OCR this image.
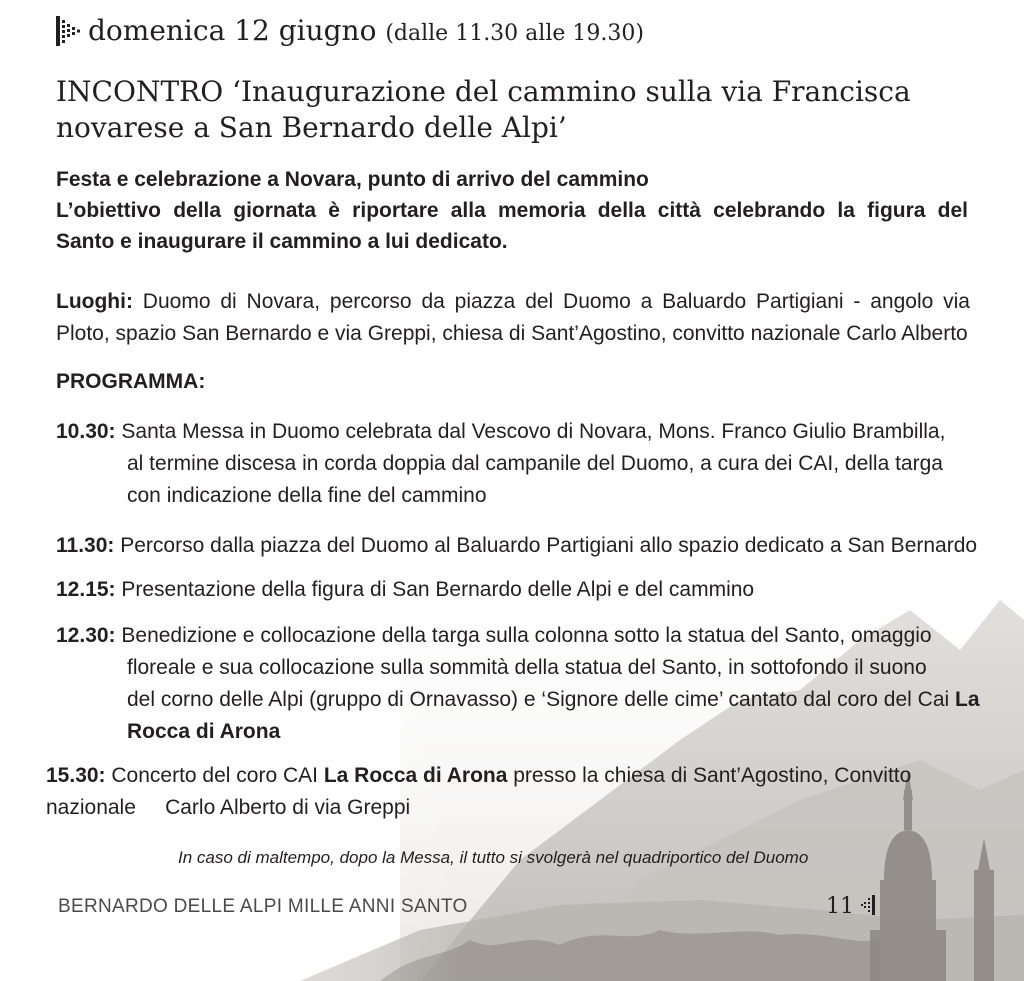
domenica 12 giugno (dalle 11.30 alle 19.30)
INCONTRO ‘Inaugurazione del cammino sulla via Francisca
novarese a San Bernardo delle Alpi’
Festa e celebrazione a Novara, punto di arrivo del cammino
L’obiettivo della giornata è riportare alla memoria della città celebrando la figura del
Santo e inaugurare il cammino a lui dedicato.
Luoghi: Duomo di Novara, percorso da piazza del Duomo a Baluardo Partigiani - angolo via
Ploto, spazio San Bernardo e via Greppi, chiesa di Sant’Agostino, convitto nazionale Carlo Alberto
PROGRAMMA:
10.30: Santa Messa in Duomo celebrata dal Vescovo di Novara, Mons. Franco Giulio Brambilla,
al termine discesa in corda doppia dal campanile del Duomo, a cura dei CAI, della targa
con indicazione della fine del cammino
11.30: Percorso dalla piazza del Duomo al Baluardo Partigiani allo spazio dedicato a San Bernardo
12.15: Presentazione della figura di San Bernardo delle Alpi e del cammino
12.30: Benedizione e collocazione della targa sulla colonna sotto la statua del Santo, omaggio
floreale e sua collocazione sulla sommità della statua del Santo, in sottofondo il suono
del corno delle Alpi (gruppo di Ornavasso) e ‘Signore delle cime’ cantato dal coro del Cai La
Rocca di Arona
15.30: Concerto del coro CAI La Rocca di Arona presso la chiesa di Sant’Agostino, Convitto
nazionale     Carlo Alberto di via Greppi
In caso di maltempo, dopo la Messa, il tutto si svolgerà nel quadriportico del Duomo
BERNARDO DELLE ALPI MILLE ANNI SANTO	11
